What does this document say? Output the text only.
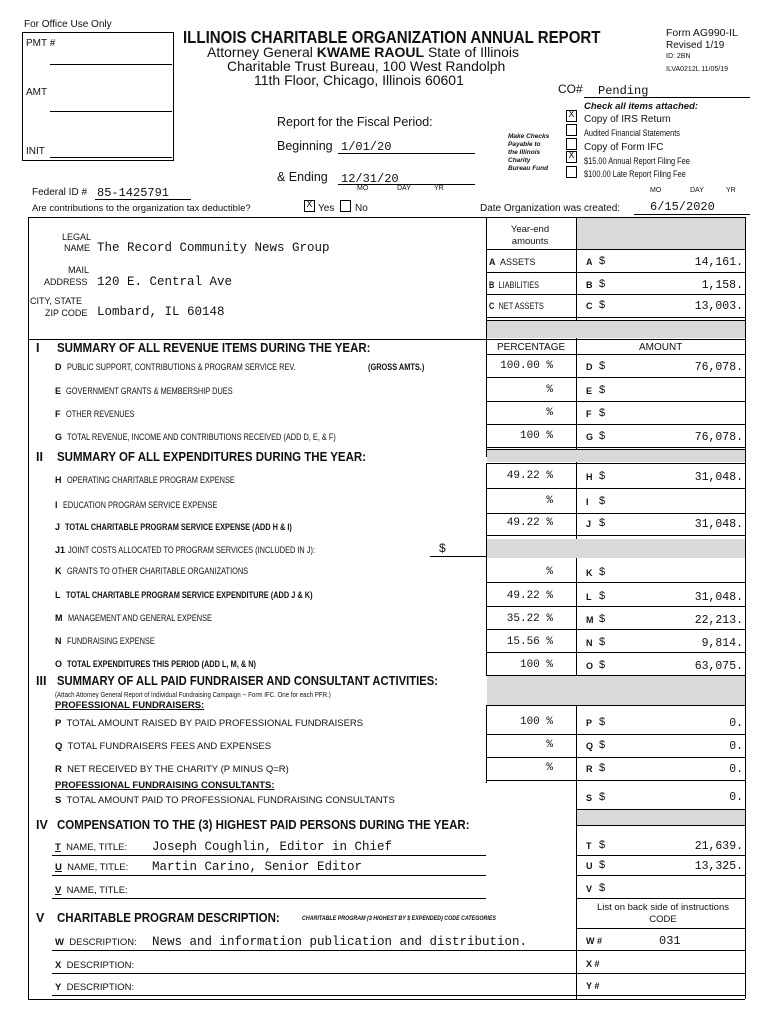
For Office Use Only
PMT #
AMT
INIT
ILLINOIS CHARITABLE ORGANIZATION ANNUAL REPORT
Attorney General KWAME RAOUL State of Illinois
Charitable Trust Bureau, 100 West Randolph
11th Floor, Chicago, Illinois 60601
Form AG990-IL
Revised 1/19
ID: 2BN
ILVA0212L 11/05/19
CO# Pending
Report for the Fiscal Period:
Beginning 1/01/20
& Ending 12/31/20
MO	DAY	YR
Make Checks
Payable to
the Illinois
Charity
Bureau Fund
Check all items attached:
X Copy of IRS Return
Audited Financial Statements
Copy of Form IFC
X $15.00 Annual Report Filing Fee
$100.00 Late Report Filing Fee
Federal ID # 85-1425791
Are contributions to the organization tax deductible?	X Yes No	Date Organization was created: 6/15/2020
MO	DAY	YR
LEGAL
NAME The Record Community News Group
MAIL
ADDRESS 120 E. Central Ave
CITY, STATE
ZIP CODE Lombard, IL 60148
Year-end amounts
A ASSETS	A $	14,161.
B LIABILITIES	B $	1,158.
C NET ASSETS	C $	13,003.
I SUMMARY OF ALL REVENUE ITEMS DURING THE YEAR:	PERCENTAGE	AMOUNT
D PUBLIC SUPPORT, CONTRIBUTIONS & PROGRAM SERVICE REV.	(GROSS AMTS.)	100.00 %	D $	76,078.
E GOVERNMENT GRANTS & MEMBERSHIP DUES	%	E $
F OTHER REVENUES	%	F $
G TOTAL REVENUE, INCOME AND CONTRIBUTIONS RECEIVED (ADD D, E, & F)	100 %	G $	76,078.
II SUMMARY OF ALL EXPENDITURES DURING THE YEAR:
H OPERATING CHARITABLE PROGRAM EXPENSE	49.22 %	H $	31,048.
I EDUCATION PROGRAM SERVICE EXPENSE	%	I $
J TOTAL CHARITABLE PROGRAM SERVICE EXPENSE (ADD H & I)	49.22 %	J $	31,048.
J1 JOINT COSTS ALLOCATED TO PROGRAM SERVICES (INCLUDED IN J):	$
K GRANTS TO OTHER CHARITABLE ORGANIZATIONS	%	K $
L TOTAL CHARITABLE PROGRAM SERVICE EXPENDITURE (ADD J & K)	49.22 %	L $	31,048.
M MANAGEMENT AND GENERAL EXPENSE	35.22 %	M $	22,213.
N FUNDRAISING EXPENSE	15.56 %	N $	9,814.
O TOTAL EXPENDITURES THIS PERIOD (ADD L, M, & N)	100 %	O $	63,075.
III SUMMARY OF ALL PAID FUNDRAISER AND CONSULTANT ACTIVITIES:
(Attach Attorney General Report of Individual Fundraising Campaign -- Form IFC. One for each PFR.)
PROFESSIONAL FUNDRAISERS:
P TOTAL AMOUNT RAISED BY PAID PROFESSIONAL FUNDRAISERS	100 %	P $	0.
Q TOTAL FUNDRAISERS FEES AND EXPENSES	%	Q $	0.
R NET RECEIVED BY THE CHARITY (P MINUS Q=R)	%	R $	0.
PROFESSIONAL FUNDRAISING CONSULTANTS:
S TOTAL AMOUNT PAID TO PROFESSIONAL FUNDRAISING CONSULTANTS	S $	0.
IV COMPENSATION TO THE (3) HIGHEST PAID PERSONS DURING THE YEAR:
T NAME, TITLE: Joseph Coughlin, Editor in Chief	T $	21,639.
U NAME, TITLE: Martin Carino, Senior Editor	U $	13,325.
V NAME, TITLE:	V $
V CHARITABLE PROGRAM DESCRIPTION:	CHARITABLE PROGRAM (3 HIGHEST BY $ EXPENDED) CODE CATEGORIES
List on back side of instructions CODE
W DESCRIPTION: News and information publication and distribution.	W #	031
X DESCRIPTION:	X #
Y DESCRIPTION:	Y #
